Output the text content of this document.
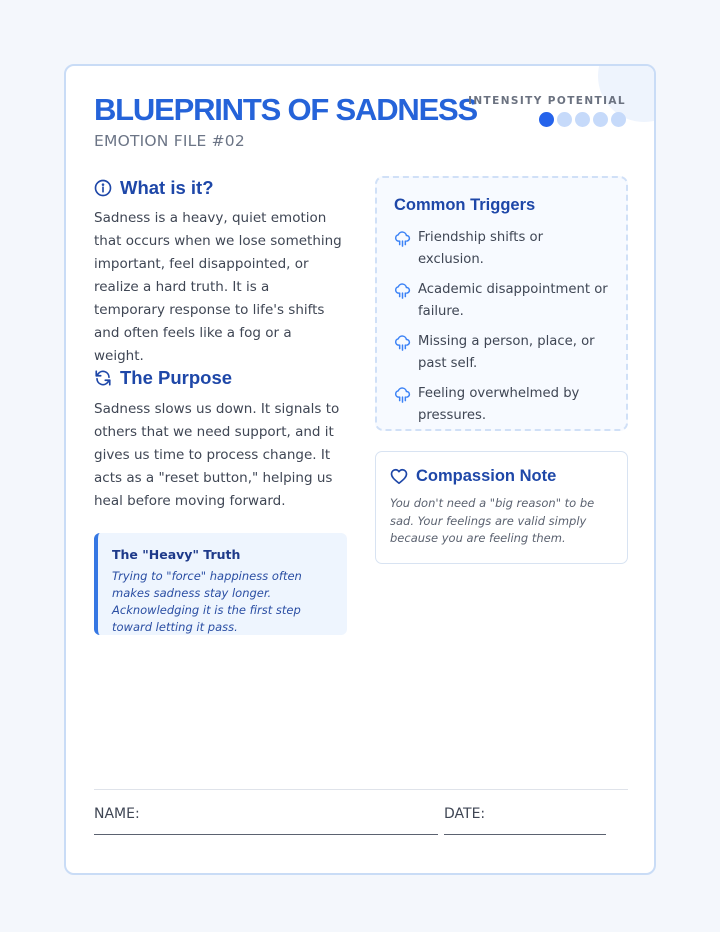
BLUEPRINTS OF SADNESS
EMOTION FILE #02
INTENSITY POTENTIAL
What is it?

Sadness is a heavy, quiet emotion that occurs when we lose something important, feel disappointed, or realize a hard truth. It is a temporary response to life's shifts and often feels like a fog or a weight.

The Purpose

Sadness slows us down. It signals to others that we need support, and it gives us time to process change. It acts as a "reset button," helping us heal before moving forward.

The "Heavy" Truth
Trying to "force" happiness often makes sadness stay longer. Acknowledging it is the first step toward letting it pass.
Common Triggers
Friendship shifts or exclusion.
Academic disappointment or failure.
Missing a person, place, or past self.
Feeling overwhelmed by pressures.
Compassion Note
You don't need a "big reason" to be sad. Your feelings are valid simply because you are feeling them.
NAME:	DATE:
